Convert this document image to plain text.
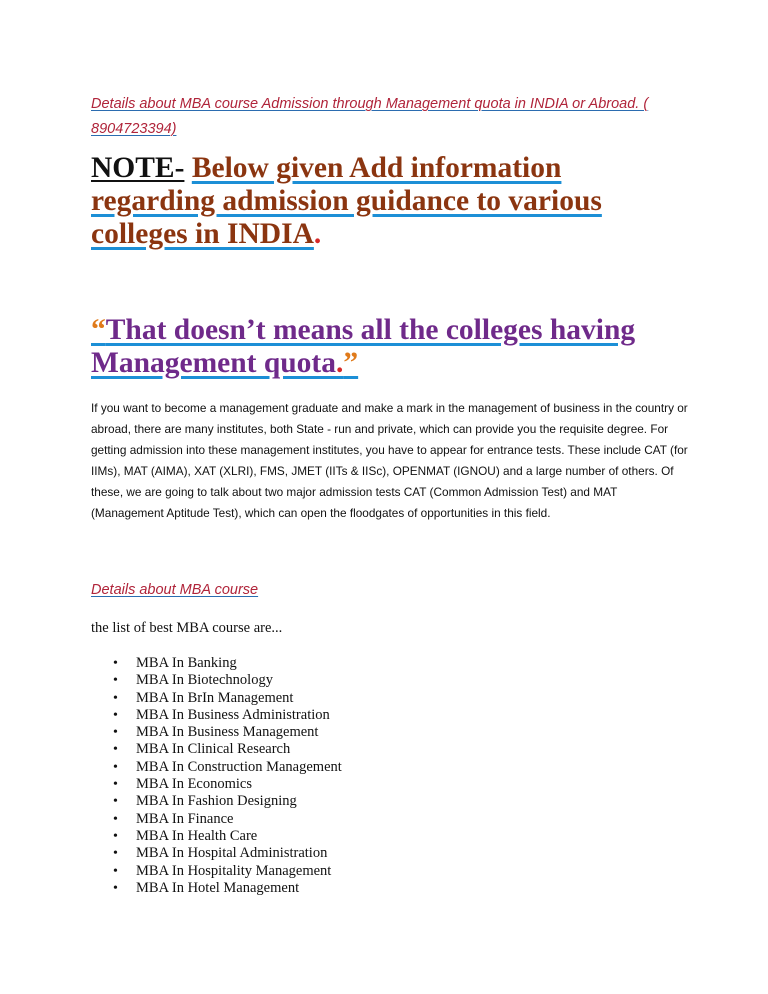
Details about MBA course Admission through Management quota in INDIA or Abroad. ( 8904723394)

NOTE- Below given Add information regarding admission guidance to various colleges in INDIA.

“That doesn’t means all the colleges having Management quota.”

If you want to become a management graduate and make a mark in the management of business in the country or abroad, there are many institutes, both State - run and private, which can provide you the requisite degree. For getting admission into these management institutes, you have to appear for entrance tests. These include CAT (for IIMs), MAT (AIMA), XAT (XLRI), FMS, JMET (IITs & IISc), OPENMAT (IGNOU) and a large number of others. Of these, we are going to talk about two major admission tests CAT (Common Admission Test) and MAT (Management Aptitude Test), which can open the floodgates of opportunities in this field.

Details about MBA course
the list of best MBA course are...
• MBA In Banking
• MBA In Biotechnology
• MBA In BrIn Management
• MBA In Business Administration
• MBA In Business Management
• MBA In Clinical Research
• MBA In Construction Management
• MBA In Economics
• MBA In Fashion Designing
• MBA In Finance
• MBA In Health Care
• MBA In Hospital Administration
• MBA In Hospitality Management
• MBA In Hotel Management
